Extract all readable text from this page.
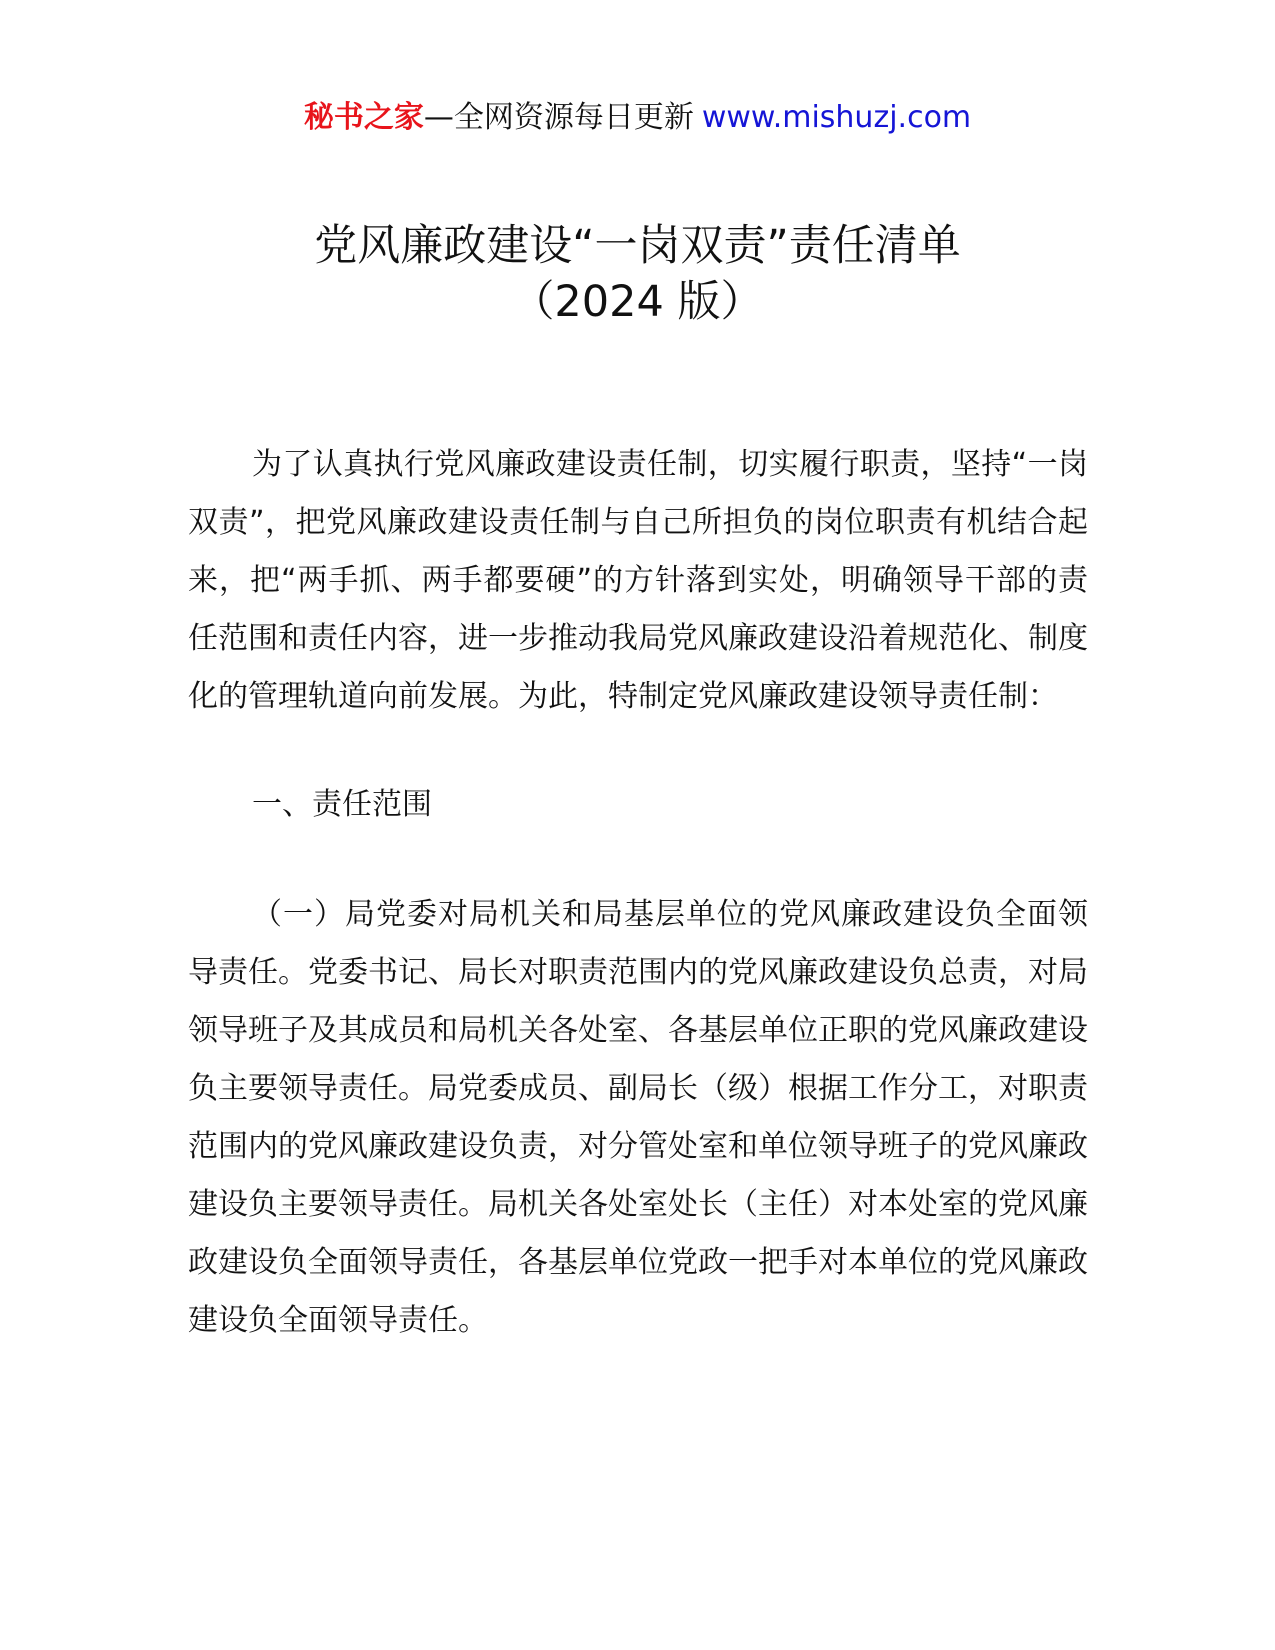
秘书之家—全网资源每日更新 www.mishuzj.com
党风廉政建设“一岗双责”责任清单
（2024 版）

为了认真执行党风廉政建设责任制，切实履行职责，坚持“一岗双责”，把党风廉政建设责任制与自己所担负的岗位职责有机结合起来，把“两手抓、两手都要硬”的方针落到实处，明确领导干部的责任范围和责任内容，进一步推动我局党风廉政建设沿着规范化、制度化的管理轨道向前发展。为此，特制定党风廉政建设领导责任制：

一、责任范围

（一）局党委对局机关和局基层单位的党风廉政建设负全面领导责任。党委书记、局长对职责范围内的党风廉政建设负总责，对局领导班子及其成员和局机关各处室、各基层单位正职的党风廉政建设负主要领导责任。局党委成员、副局长（级）根据工作分工，对职责范围内的党风廉政建设负责，对分管处室和单位领导班子的党风廉政建设负主要领导责任。局机关各处室处长（主任）对本处室的党风廉政建设负全面领导责任，各基层单位党政一把手对本单位的党风廉政建设负全面领导责任。
